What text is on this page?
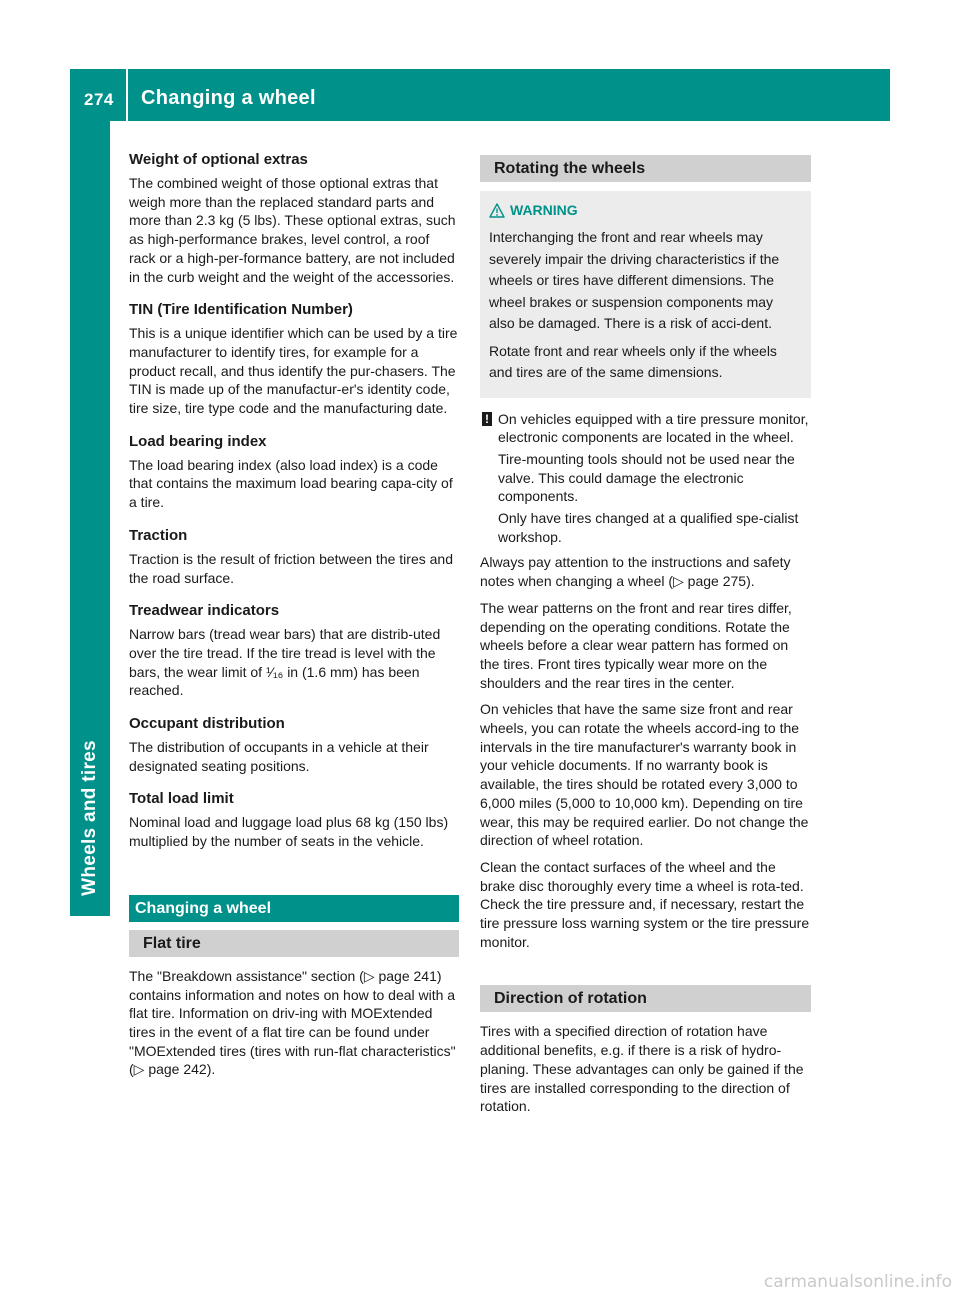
274 Changing a wheel
Wheels and tires
Weight of optional extras

The combined weight of those optional extras that weigh more than the replaced standard parts and more than 2.3 kg (5 lbs). These optional extras, such as high-performance brakes, level control, a roof rack or a high-per-formance battery, are not included in the curb weight and the weight of the accessories.

TIN (Tire Identification Number)

This is a unique identifier which can be used by a tire manufacturer to identify tires, for example for a product recall, and thus identify the pur-chasers. The TIN is made up of the manufactur-er's identity code, tire size, tire type code and the manufacturing date.

Load bearing index

The load bearing index (also load index) is a code that contains the maximum load bearing capa-city of a tire.

Traction

Traction is the result of friction between the tires and the road surface.

Treadwear indicators

Narrow bars (tread wear bars) that are distrib-uted over the tire tread. If the tire tread is level with the bars, the wear limit of ¹⁄₁₆ in (1.6 mm) has been reached.

Occupant distribution

The distribution of occupants in a vehicle at their designated seating positions.

Total load limit

Nominal load and luggage load plus 68 kg (150 lbs) multiplied by the number of seats in the vehicle.

Changing a wheel
Flat tire

The "Breakdown assistance" section (▷ page 241) contains information and notes on how to deal with a flat tire. Information on driv-ing with MOExtended tires in the event of a flat tire can be found under "MOExtended tires (tires with run-flat characteristics" (▷ page 242).

Rotating the wheels
WARNING

Interchanging the front and rear wheels may severely impair the driving characteristics if the wheels or tires have different dimensions. The wheel brakes or suspension components may also be damaged. There is a risk of acci-dent.

Rotate front and rear wheels only if the wheels and tires are of the same dimensions.

! On vehicles equipped with a tire pressure monitor, electronic components are located in the wheel.

Tire-mounting tools should not be used near the valve. This could damage the electronic components.

Only have tires changed at a qualified spe-cialist workshop.

Always pay attention to the instructions and safety notes when changing a wheel (▷ page 275).

The wear patterns on the front and rear tires differ, depending on the operating conditions. Rotate the wheels before a clear wear pattern has formed on the tires. Front tires typically wear more on the shoulders and the rear tires in the center.

On vehicles that have the same size front and rear wheels, you can rotate the wheels accord-ing to the intervals in the tire manufacturer's warranty book in your vehicle documents. If no warranty book is available, the tires should be rotated every 3,000 to 6,000 miles (5,000 to 10,000 km). Depending on tire wear, this may be required earlier. Do not change the direction of wheel rotation.

Clean the contact surfaces of the wheel and the brake disc thoroughly every time a wheel is rota-ted. Check the tire pressure and, if necessary, restart the tire pressure loss warning system or the tire pressure monitor.

Direction of rotation

Tires with a specified direction of rotation have additional benefits, e.g. if there is a risk of hydro-planing. These advantages can only be gained if the tires are installed corresponding to the direction of rotation.

carmanualsonline.info
